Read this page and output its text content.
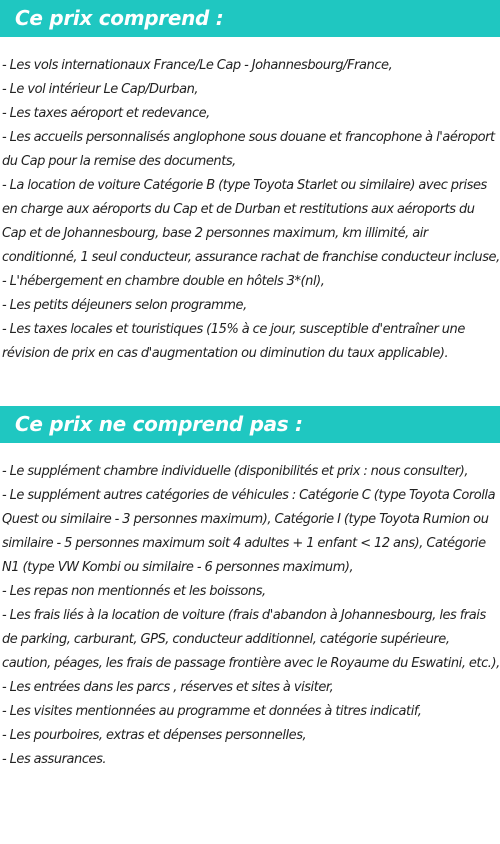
Ce prix comprend :
- Les vols internationaux France/Le Cap - Johannesbourg/France,
- Le vol intérieur Le Cap/Durban,
- Les taxes aéroport et redevance,
- Les accueils personnalisés anglophone sous douane et francophone à l'aéroport du Cap pour la remise des documents,
- La location de voiture Catégorie B (type Toyota Starlet ou similaire) avec prises en charge aux aéroports du Cap et de Durban et restitutions aux aéroports du Cap et de Johannesbourg, base 2 personnes maximum, km illimité, air conditionné, 1 seul conducteur, assurance rachat de franchise conducteur incluse,
- L'hébergement en chambre double en hôtels 3*(nl),
- Les petits déjeuners selon programme,
- Les taxes locales et touristiques (15% à ce jour, susceptible d'entraîner une révision de prix en cas d'augmentation ou diminution du taux applicable).
Ce prix ne comprend pas :
- Le supplément chambre individuelle (disponibilités et prix : nous consulter),
- Le supplément autres catégories de véhicules : Catégorie C (type Toyota Corolla Quest ou similaire - 3 personnes maximum), Catégorie I (type Toyota Rumion ou similaire - 5 personnes maximum soit 4 adultes + 1 enfant < 12 ans), Catégorie N1 (type VW Kombi ou similaire - 6 personnes maximum),
- Les repas non mentionnés et les boissons,
- Les frais liés à la location de voiture (frais d'abandon à Johannesbourg, les frais de parking, carburant, GPS, conducteur additionnel, catégorie supérieure, caution, péages, les frais de passage frontière avec le Royaume du Eswatini, etc.),
- Les entrées dans les parcs , réserves et sites à visiter,
- Les visites mentionnées au programme et données à titres indicatif,
- Les pourboires, extras et dépenses personnelles,
- Les assurances.
